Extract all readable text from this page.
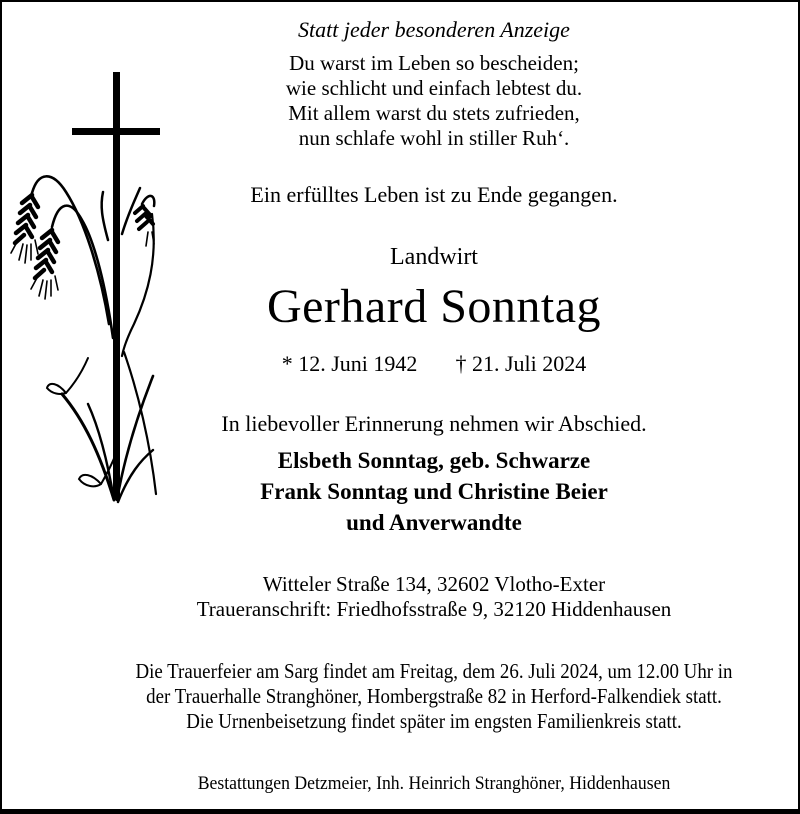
Statt jeder besonderen Anzeige
Du warst im Leben so bescheiden;
wie schlicht und einfach lebtest du.
Mit allem warst du stets zufrieden,
nun schlafe wohl in stiller Ruh‘.
Ein erfülltes Leben ist zu Ende gegangen.
Landwirt
Gerhard Sonntag
* 12. Juni 1942 † 21. Juli 2024
In liebevoller Erinnerung nehmen wir Abschied.
Elsbeth Sonntag, geb. Schwarze
Frank Sonntag und Christine Beier
und Anverwandte
Witteler Straße 134, 32602 Vlotho-Exter
Traueranschrift: Friedhofsstraße 9, 32120 Hiddenhausen
Die Trauerfeier am Sarg findet am Freitag, dem 26. Juli 2024, um 12.00 Uhr in
der Trauerhalle Stranghöner, Hombergstraße 82 in Herford-Falkendiek statt.
Die Urnenbeisetzung findet später im engsten Familienkreis statt.
Bestattungen Detzmeier, Inh. Heinrich Stranghöner, Hiddenhausen
